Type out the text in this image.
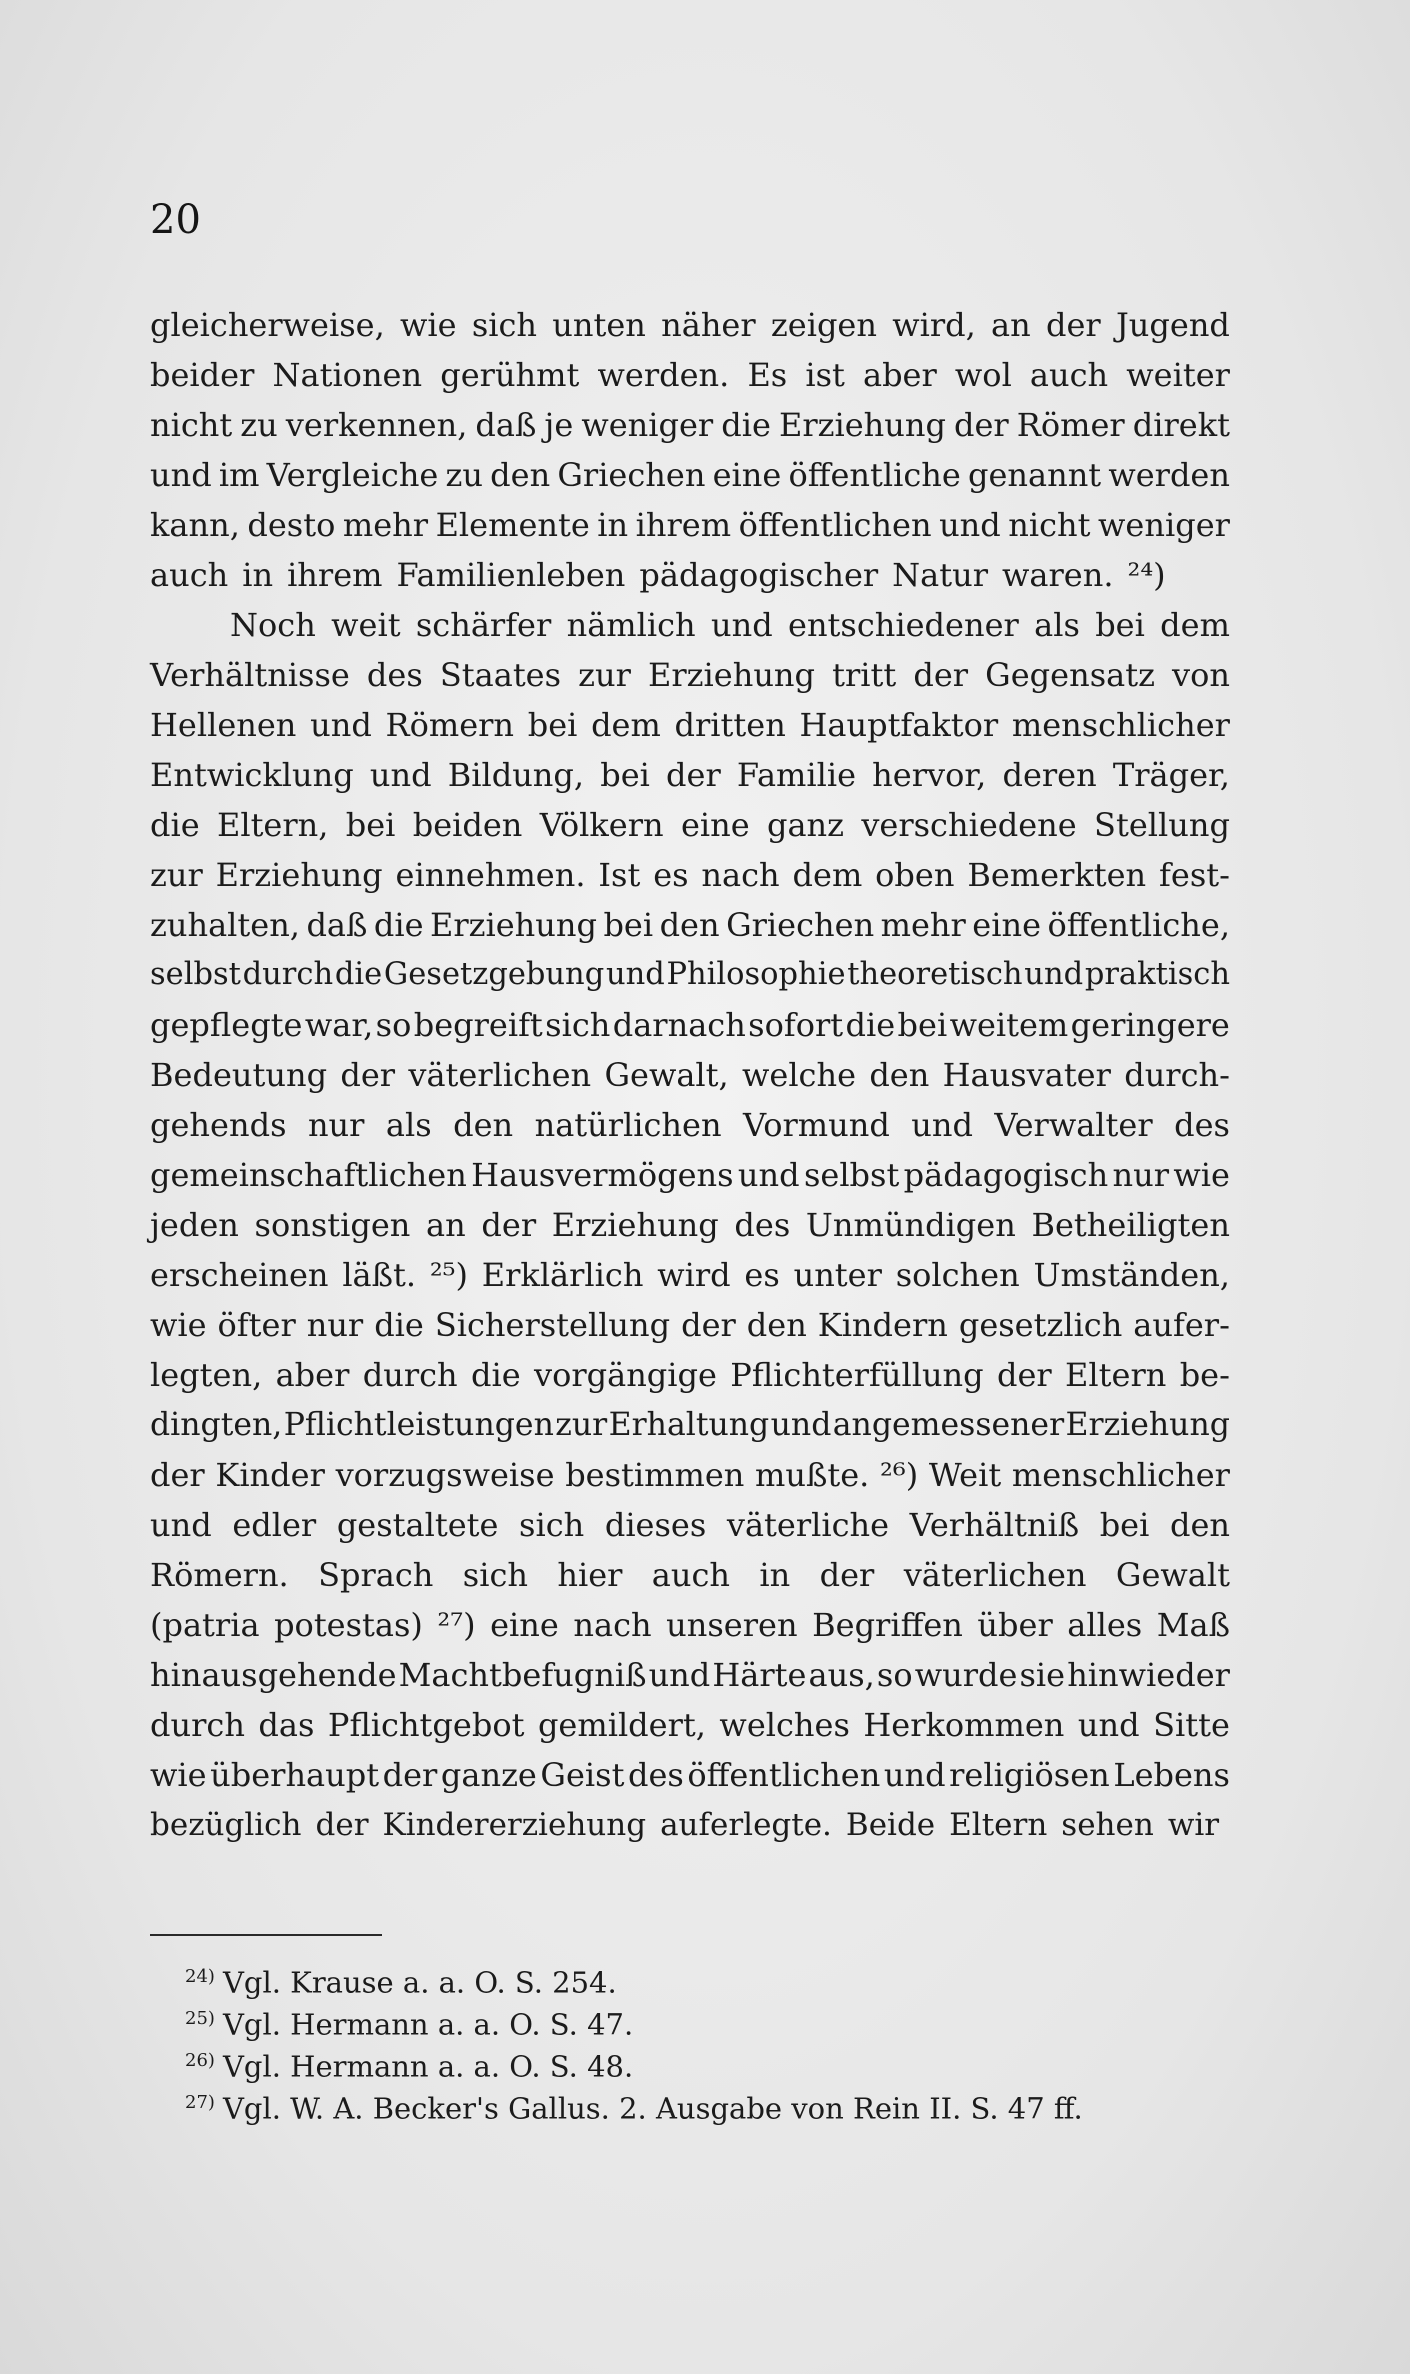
20
gleicherweise, wie sich unten näher zeigen wird, an der Jugend
beider Nationen gerühmt werden. Es ist aber wol auch weiter
nicht zu verkennen, daß je weniger die Erziehung der Römer direkt
und im Vergleiche zu den Griechen eine öffentliche genannt werden
kann, desto mehr Elemente in ihrem öffentlichen und nicht weniger
auch in ihrem Familienleben pädagogischer Natur waren. ²⁴)
Noch weit schärfer nämlich und entschiedener als bei dem
Verhältnisse des Staates zur Erziehung tritt der Gegensatz von
Hellenen und Römern bei dem dritten Hauptfaktor menschlicher
Entwicklung und Bildung, bei der Familie hervor, deren Träger,
die Eltern, bei beiden Völkern eine ganz verschiedene Stellung
zur Erziehung einnehmen. Ist es nach dem oben Bemerkten fest-
zuhalten, daß die Erziehung bei den Griechen mehr eine öffentliche,
selbst durch die Gesetzgebung und Philosophie theoretisch und praktisch
gepflegte war, so begreift sich darnach sofort die bei weitem geringere
Bedeutung der väterlichen Gewalt, welche den Hausvater durch-
gehends nur als den natürlichen Vormund und Verwalter des
gemeinschaftlichen Hausvermögens und selbst pädagogisch nur wie
jeden sonstigen an der Erziehung des Unmündigen Betheiligten
erscheinen läßt. ²⁵) Erklärlich wird es unter solchen Umständen,
wie öfter nur die Sicherstellung der den Kindern gesetzlich aufer-
legten, aber durch die vorgängige Pflichterfüllung der Eltern be-
dingten, Pflichtleistungen zur Erhaltung und angemessener Erziehung
der Kinder vorzugsweise bestimmen mußte. ²⁶) Weit menschlicher
und edler gestaltete sich dieses väterliche Verhältniß bei den
Römern. Sprach sich hier auch in der väterlichen Gewalt
(patria potestas) ²⁷) eine nach unseren Begriffen über alles Maß
hinausgehende Machtbefugniß und Härte aus, so wurde sie hinwieder
durch das Pflichtgebot gemildert, welches Herkommen und Sitte
wie überhaupt der ganze Geist des öffentlichen und religiösen Lebens
bezüglich der Kindererziehung auferlegte. Beide Eltern sehen wir
$^{24)}$ Vgl. Krause a. a. O. S. 254.
$^{25)}$ Vgl. Hermann a. a. O. S. 47.
$^{26)}$ Vgl. Hermann a. a. O. S. 48.
$^{27)}$ Vgl. W. A. Becker's Gallus. 2. Ausgabe von Rein II. S. 47 ff.
